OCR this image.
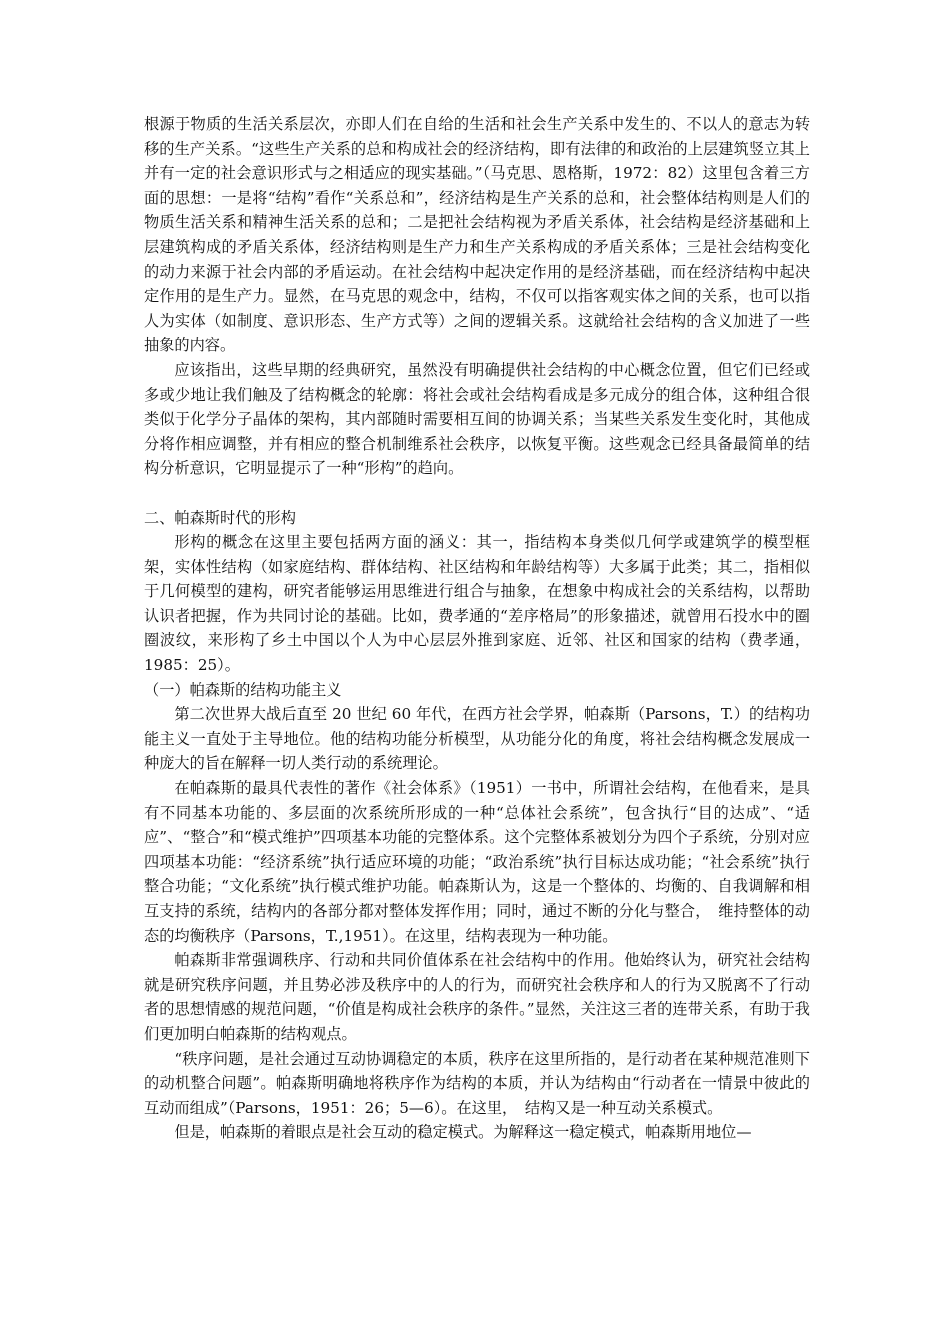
根源于物质的生活关系层次，亦即人们在自给的生活和社会生产关系中发生的、不以人的意志为转移的生产关系。“这些生产关系的总和构成社会的经济结构，即有法律的和政治的上层建筑竖立其上并有一定的社会意识形式与之相适应的现实基础。”（马克思、恩格斯，1972：82）这里包含着三方面的思想：一是将“结构”看作“关系总和”，经济结构是生产关系的总和，社会整体结构则是人们的物质生活关系和精神生活关系的总和；二是把社会结构视为矛盾关系体，社会结构是经济基础和上层建筑构成的矛盾关系体，经济结构则是生产力和生产关系构成的矛盾关系体；三是社会结构变化的动力来源于社会内部的矛盾运动。在社会结构中起决定作用的是经济基础，而在经济结构中起决定作用的是生产力。显然，在马克思的观念中，结构，不仅可以指客观实体之间的关系，也可以指人为实体（如制度、意识形态、生产方式等）之间的逻辑关系。这就给社会结构的含义加进了一些抽象的内容。

应该指出，这些早期的经典研究，虽然没有明确提供社会结构的中心概念位置，但它们已经或多或少地让我们触及了结构概念的轮廓：将社会或社会结构看成是多元成分的组合体，这种组合很类似于化学分子晶体的架构，其内部随时需要相互间的协调关系；当某些关系发生变化时，其他成分将作相应调整，并有相应的整合机制维系社会秩序，以恢复平衡。这些观念已经具备最简单的结构分析意识，它明显提示了一种“形构”的趋向。

二、帕森斯时代的形构

形构的概念在这里主要包括两方面的涵义：其一，指结构本身类似几何学或建筑学的模型框架，实体性结构（如家庭结构、群体结构、社区结构和年龄结构等）大多属于此类；其二，指相似于几何模型的建构，研究者能够运用思维进行组合与抽象，在想象中构成社会的关系结构，以帮助认识者把握，作为共同讨论的基础。比如，费孝通的“差序格局”的形象描述，就曾用石投水中的圈圈波纹，来形构了乡土中国以个人为中心层层外推到家庭、近邻、社区和国家的结构（费孝通，1985：25）。

（一）帕森斯的结构功能主义

第二次世界大战后直至 20 世纪 60 年代，在西方社会学界，帕森斯（Parsons，T.）的结构功能主义一直处于主导地位。他的结构功能分析模型，从功能分化的角度，将社会结构概念发展成一种庞大的旨在解释一切人类行动的系统理论。

在帕森斯的最具代表性的著作《社会体系》（1951）一书中，所谓社会结构，在他看来，是具有不同基本功能的、多层面的次系统所形成的一种“总体社会系统”，包含执行“目的达成”、“适应”、“整合”和“模式维护”四项基本功能的完整体系。这个完整体系被划分为四个子系统，分别对应四项基本功能：“经济系统”执行适应环境的功能；“政治系统”执行目标达成功能；“社会系统”执行整合功能；“文化系统”执行模式维护功能。帕森斯认为，这是一个整体的、均衡的、自我调解和相互支持的系统，结构内的各部分都对整体发挥作用；同时，通过不断的分化与整合，　维持整体的动态的均衡秩序（Parsons，T.,1951）。在这里，结构表现为一种功能。

帕森斯非常强调秩序、行动和共同价值体系在社会结构中的作用。他始终认为，研究社会结构就是研究秩序问题，并且势必涉及秩序中的人的行为，而研究社会秩序和人的行为又脱离不了行动者的思想情感的规范问题，“价值是构成社会秩序的条件。”显然，关注这三者的连带关系，有助于我们更加明白帕森斯的结构观点。

“秩序问题，是社会通过互动协调稳定的本质，秩序在这里所指的，是行动者在某种规范准则下的动机整合问题”。帕森斯明确地将秩序作为结构的本质，并认为结构由“行动者在一情景中彼此的互动而组成”（Parsons，1951：26；5—6）。在这里，　结构又是一种互动关系模式。

但是，帕森斯的着眼点是社会互动的稳定模式。为解释这一稳定模式，帕森斯用地位—
